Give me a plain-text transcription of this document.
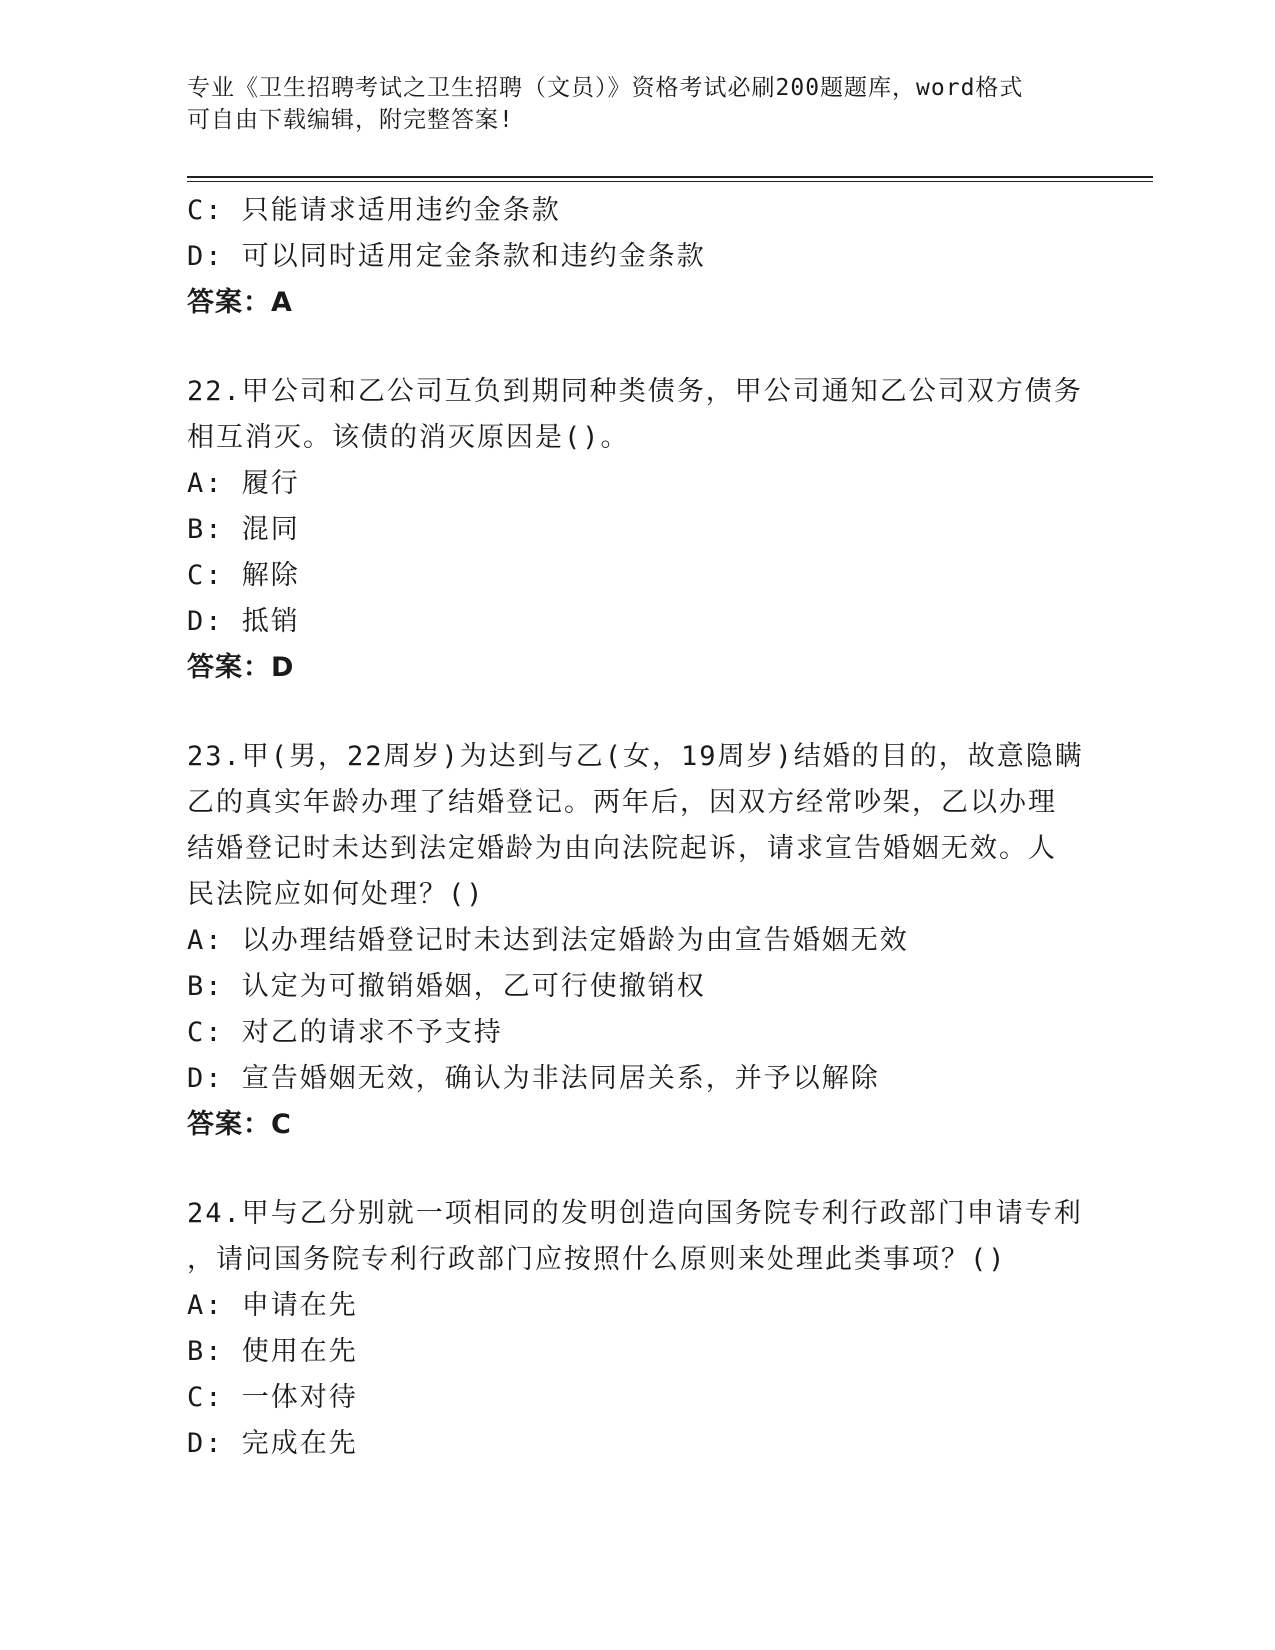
专业《卫生招聘考试之卫生招聘（文员）》资格考试必刷200题题库，word格式
可自由下载编辑，附完整答案!
C: 只能请求适用违约金条款
D: 可以同时适用定金条款和违约金条款
答案：A
22.甲公司和乙公司互负到期同种类债务，甲公司通知乙公司双方债务
相互消灭。该债的消灭原因是()。
A: 履行
B: 混同
C: 解除
D: 抵销
答案：D
23.甲(男，22周岁)为达到与乙(女，19周岁)结婚的目的，故意隐瞒
乙的真实年龄办理了结婚登记。两年后，因双方经常吵架，乙以办理
结婚登记时未达到法定婚龄为由向法院起诉，请求宣告婚姻无效。人
民法院应如何处理？()
A: 以办理结婚登记时未达到法定婚龄为由宣告婚姻无效
B: 认定为可撤销婚姻，乙可行使撤销权
C: 对乙的请求不予支持
D: 宣告婚姻无效，确认为非法同居关系，并予以解除
答案：C
24.甲与乙分别就一项相同的发明创造向国务院专利行政部门申请专利
，请问国务院专利行政部门应按照什么原则来处理此类事项？()
A: 申请在先
B: 使用在先
C: 一体对待
D: 完成在先
